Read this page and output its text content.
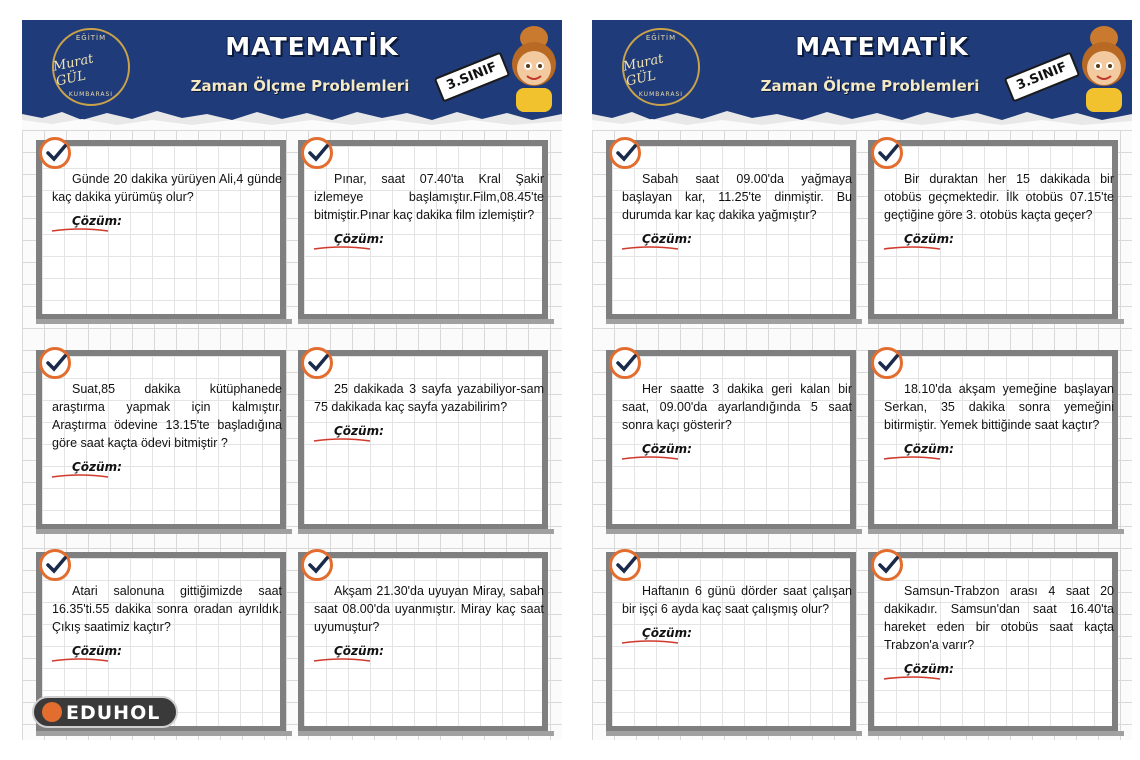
EĞİTİM
Murat GÜL
KUMBARASI
MATEMATİK
Zaman Ölçme Problemleri	3.SINIF
Günde 20 dakika yürüyen Ali,4 günde kaç dakika yürümüş olur?
Çözüm:
Pınar, saat 07.40'ta Kral Şakir izlemeye başlamıştır.Film,08.45'te bitmiştir.Pınar kaç dakika film izlemiştir?
Çözüm:
Suat,85 dakika kütüphanede araştırma yapmak için kalmıştır. Araştırma ödevine 13.15'te başladığına göre saat kaçta ödevi bitmiştir ?
Çözüm:
25 dakikada 3 sayfa yazabiliyor-sam 75 dakikada kaç sayfa yazabilirim?
Çözüm:
Atari salonuna gittiğimizde saat 16.35'ti.55 dakika sonra oradan ayrıldık. Çıkış saatimiz kaçtır?
Çözüm:
Akşam 21.30'da uyuyan Miray, sabah saat 08.00'da uyanmıştır. Miray kaç saat uyumuştur?
Çözüm:
EĞİTİM
Murat GÜL
KUMBARASI
MATEMATİK
Zaman Ölçme Problemleri	3.SINIF
Sabah saat 09.00'da yağmaya başlayan kar, 11.25'te dinmiştir. Bu durumda kar kaç dakika yağmıştır?
Çözüm:
Bir duraktan her 15 dakikada bir otobüs geçmektedir. İlk otobüs 07.15'te geçtiğine göre 3. otobüs kaçta geçer?
Çözüm:
Her saatte 3 dakika geri kalan bir saat, 09.00'da ayarlandığında 5 saat sonra kaçı gösterir?
Çözüm:
18.10'da akşam yemeğine başlayan Serkan, 35 dakika sonra yemeğini bitirmiştir. Yemek bittiğinde saat kaçtır?
Çözüm:
Haftanın 6 günü dörder saat çalışan bir işçi 6 ayda kaç saat çalışmış olur?
Çözüm:
Samsun-Trabzon arası 4 saat 20 dakikadır. Samsun'dan saat 16.40'ta hareket eden bir otobüs saat kaçta Trabzon'a varır?
Çözüm:
EDUHOL
